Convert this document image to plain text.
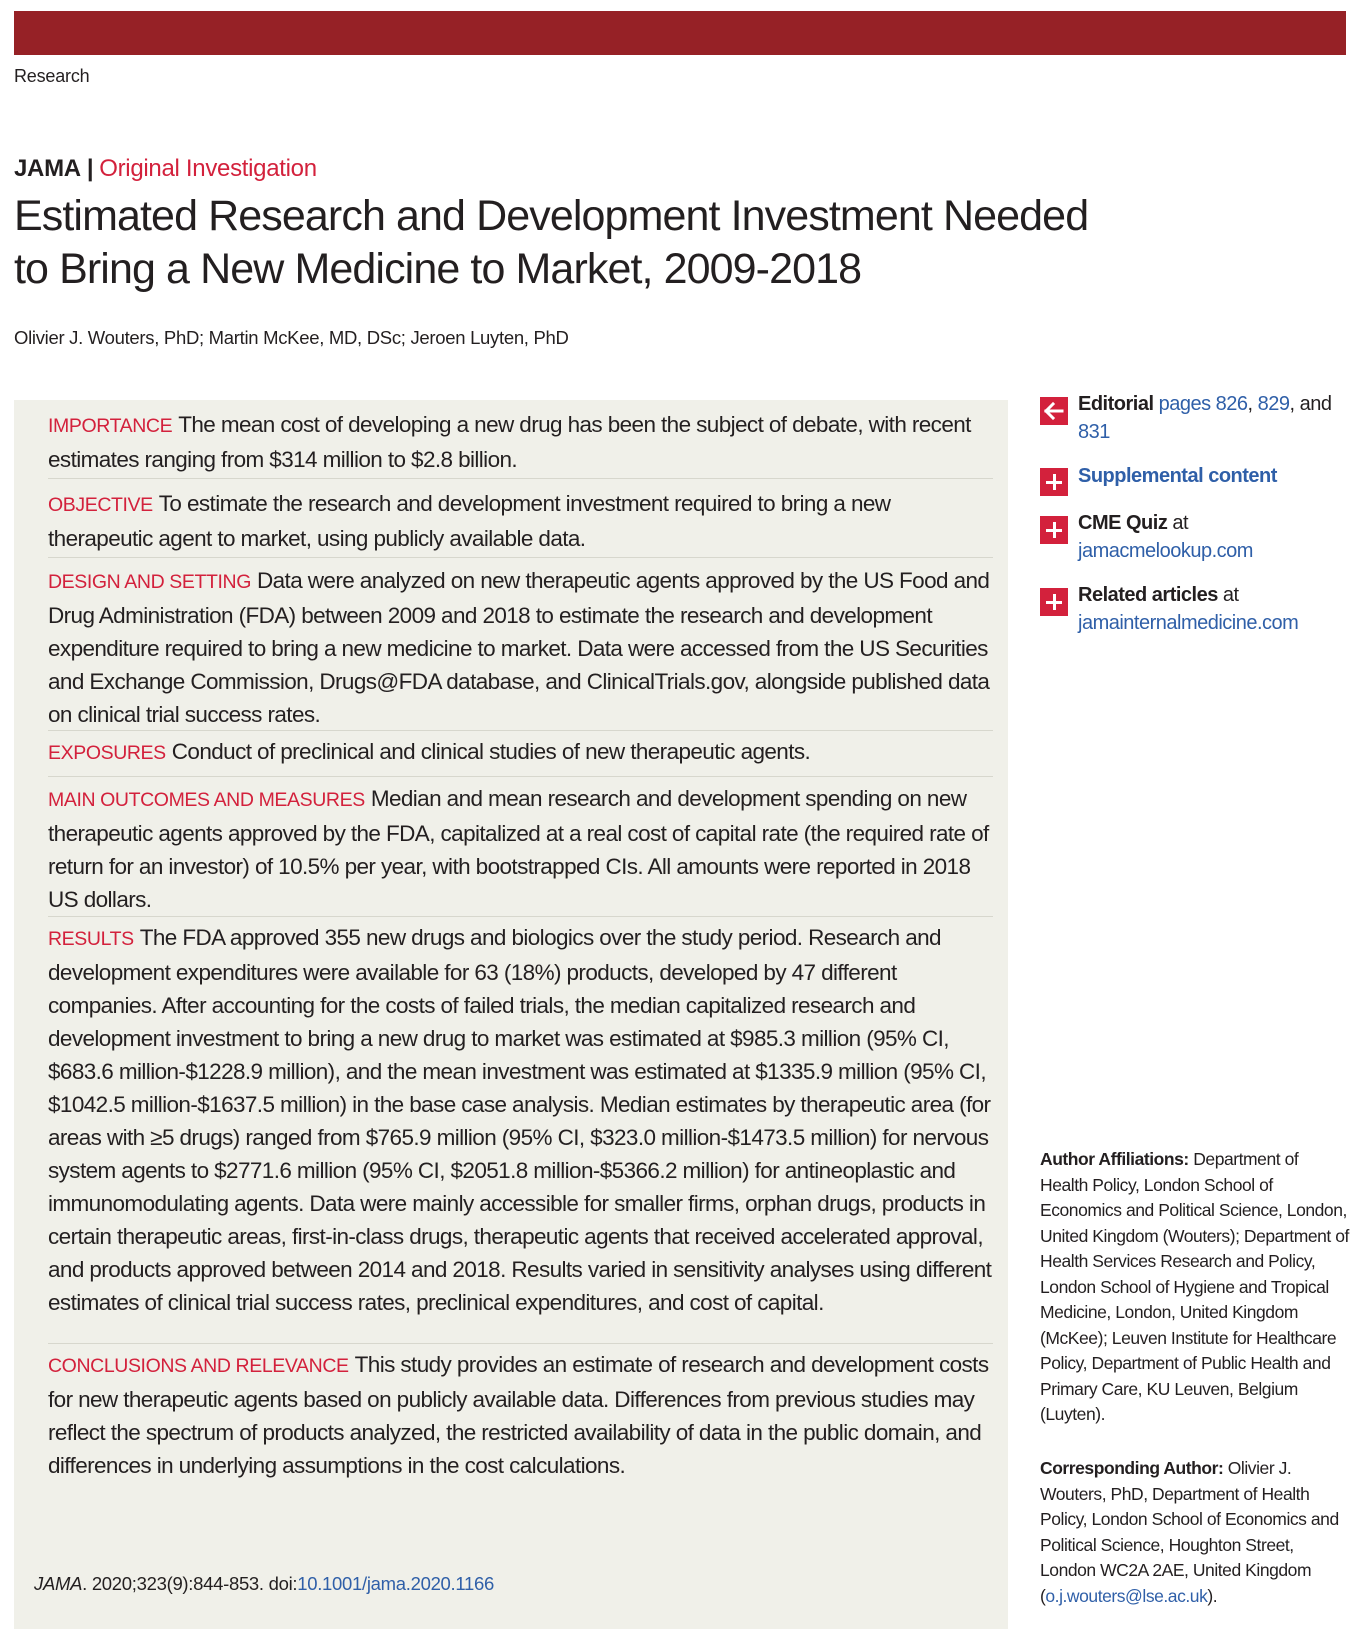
Research
JAMA | Original Investigation
Estimated Research and Development Investment Needed to Bring a New Medicine to Market, 2009-2018
Olivier J. Wouters, PhD; Martin McKee, MD, DSc; Jeroen Luyten, PhD
IMPORTANCE The mean cost of developing a new drug has been the subject of debate, with recent estimates ranging from $314 million to $2.8 billion.
OBJECTIVE To estimate the research and development investment required to bring a new therapeutic agent to market, using publicly available data.
DESIGN AND SETTING Data were analyzed on new therapeutic agents approved by the US Food and Drug Administration (FDA) between 2009 and 2018 to estimate the research and development expenditure required to bring a new medicine to market. Data were accessed from the US Securities and Exchange Commission, Drugs@FDA database, and ClinicalTrials.gov, alongside published data on clinical trial success rates.
EXPOSURES Conduct of preclinical and clinical studies of new therapeutic agents.
MAIN OUTCOMES AND MEASURES Median and mean research and development spending on new therapeutic agents approved by the FDA, capitalized at a real cost of capital rate (the required rate of return for an investor) of 10.5% per year, with bootstrapped CIs. All amounts were reported in 2018 US dollars.
RESULTS The FDA approved 355 new drugs and biologics over the study period. Research and development expenditures were available for 63 (18%) products, developed by 47 different companies. After accounting for the costs of failed trials, the median capitalized research and development investment to bring a new drug to market was estimated at $985.3 million (95% CI, $683.6 million-$1228.9 million), and the mean investment was estimated at $1335.9 million (95% CI, $1042.5 million-$1637.5 million) in the base case analysis. Median estimates by therapeutic area (for areas with ≥5 drugs) ranged from $765.9 million (95% CI, $323.0 million-$1473.5 million) for nervous system agents to $2771.6 million (95% CI, $2051.8 million-$5366.2 million) for antineoplastic and immunomodulating agents. Data were mainly accessible for smaller firms, orphan drugs, products in certain therapeutic areas, first-in-class drugs, therapeutic agents that received accelerated approval, and products approved between 2014 and 2018. Results varied in sensitivity analyses using different estimates of clinical trial success rates, preclinical expenditures, and cost of capital.
CONCLUSIONS AND RELEVANCE This study provides an estimate of research and development costs for new therapeutic agents based on publicly available data. Differences from previous studies may reflect the spectrum of products analyzed, the restricted availability of data in the public domain, and differences in underlying assumptions in the cost calculations.
JAMA. 2020;323(9):844-853. doi:10.1001/jama.2020.1166
Editorial pages 826, 829, and 831
Supplemental content
CME Quiz at
jamacmelookup.com
Related articles at
jamainternalmedicine.com
Author Affiliations: Department of Health Policy, London School of Economics and Political Science, London, United Kingdom (Wouters); Department of Health Services Research and Policy, London School of Hygiene and Tropical Medicine, London, United Kingdom (McKee); Leuven Institute for Healthcare Policy, Department of Public Health and Primary Care, KU Leuven, Belgium (Luyten).
Corresponding Author: Olivier J. Wouters, PhD, Department of Health Policy, London School of Economics and Political Science, Houghton Street, London WC2A 2AE, United Kingdom (o.j.wouters@lse.ac.uk).
